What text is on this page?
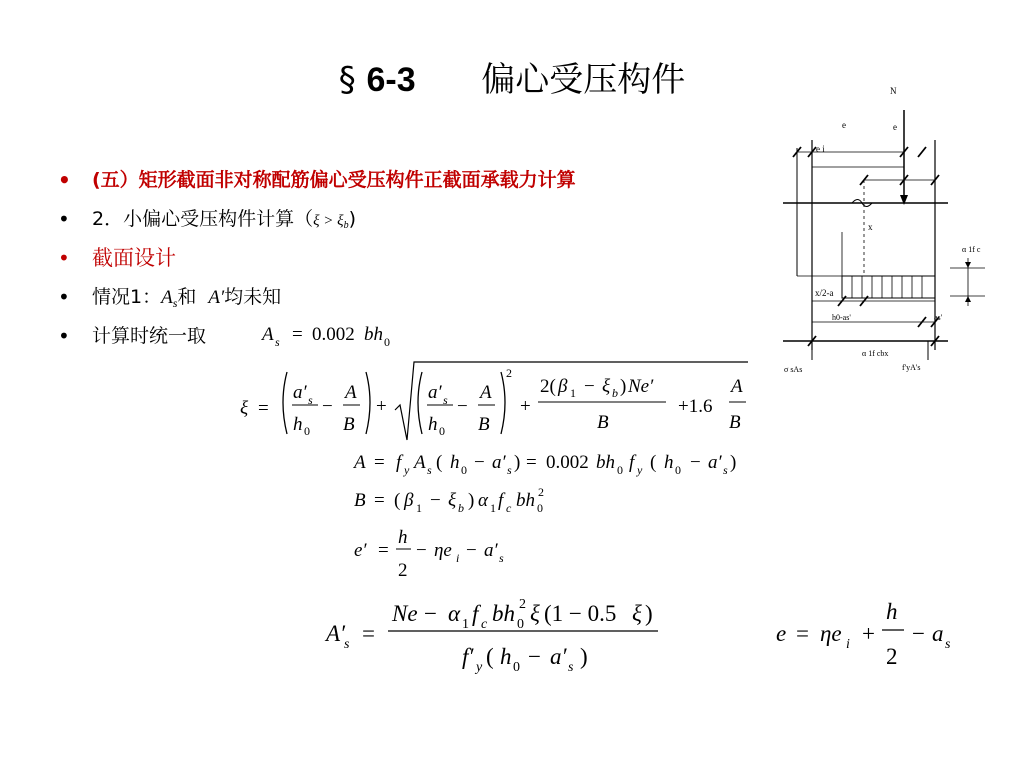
§ 6-3 偏心受压构件
• (五）矩形截面非对称配筋偏心受压构件正截面承载力计算
• 2．小偏心受压构件计算（ξ > ξb)
• 截面设计
• 情况1：$A_s$和 A′均未知
• 计算时统一取	A s = 0.002 bh 0
ξ =
a′ s
h 0
−
A
B
+
a′ s
h 0
−
A
B
2
+
2( β 1 − ξ b ) Ne′
B
+1.6
A
B
A = f y A s ( h 0 − a′ s ) = 0.002 bh 0 f y ( h 0 − a′ s )
B = ( β 1 − ξ b ) α 1 f c bh 0
2
e′ =
h
2
− ηe i − a′ s
A′
s =
Ne − α 1 f c bh 0
2 ξ (1 − 0.5 ξ )
f′ y ( h 0 − a′ s )
e = ηe i +
h
2
− a s
N
e	e
e i
x
α 1f c
x/2-a
h0-as'	as'
α 1f cbx
σ sAs	f'yA's
